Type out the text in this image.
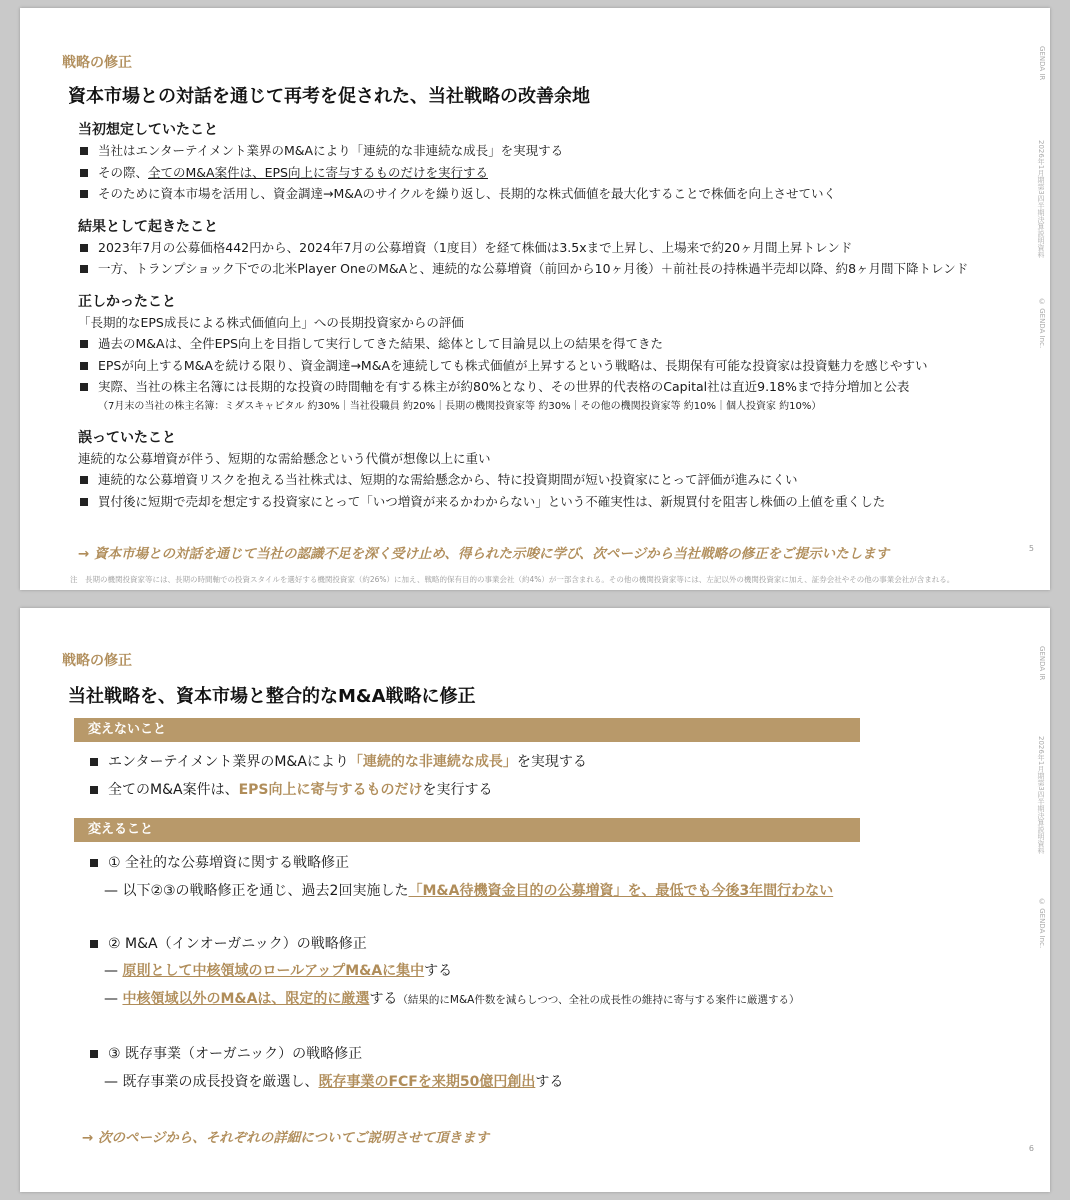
戦略の修正
資本市場との対話を通じて再考を促された、当社戦略の改善余地
GENDA IR
2026年1月期第3四半期決算説明資料
© GENDA Inc.

当初想定していたこと

当社はエンターテイメント業界のM&Aにより「連続的な非連続な成長」を実現する
その際、全てのM&A案件は、EPS向上に寄与するものだけを実行する
そのために資本市場を活用し、資金調達→M&Aのサイクルを繰り返し、長期的な株式価値を最大化することで株価を向上させていく

結果として起きたこと

2023年7月の公募価格442円から、2024年7月の公募増資（1度目）を経て株価は3.5xまで上昇し、上場来で約20ヶ月間上昇トレンド
一方、トランプショック下での北米Player OneのM&Aと、連続的な公募増資（前回から10ヶ月後）＋前社長の持株過半売却以降、約8ヶ月間下降トレンド

正しかったこと

「長期的なEPS成長による株式価値向上」への長期投資家からの評価
過去のM&Aは、全件EPS向上を目指して実行してきた結果、総体として目論見以上の結果を得てきた
EPSが向上するM&Aを続ける限り、資金調達→M&Aを連続しても株式価値が上昇するという戦略は、長期保有可能な投資家は投資魅力を感じやすい
実際、当社の株主名簿には長期的な投資の時間軸を有する株主が約80%となり、その世界的代表格のCapital社は直近9.18%まで持分増加と公表
（7月末の当社の株主名簿：ミダスキャピタル 約30%｜当社役職員 約20%｜長期の機関投資家等 約30%｜その他の機関投資家等 約10%｜個人投資家 約10%）

誤っていたこと

連続的な公募増資が伴う、短期的な需給懸念という代償が想像以上に重い
連続的な公募増資リスクを抱える当社株式は、短期的な需給懸念から、特に投資期間が短い投資家にとって評価が進みにくい
買付後に短期で売却を想定する投資家にとって「いつ増資が来るかわからない」という不確実性は、新規買付を阻害し株価の上値を重くした
→ 資本市場との対話を通じて当社の認識不足を深く受け止め、得られた示唆に学び、次ページから当社戦略の修正をご提示いたします	5
注　長期の機関投資家等には、長期の時間軸での投資スタイルを選好する機関投資家（約26%）に加え、戦略的保有目的の事業会社（約4%）が一部含まれる。その他の機関投資家等には、左記以外の機関投資家に加え、証券会社やその他の事業会社が含まれる。
戦略の修正
当社戦略を、資本市場と整合的なM&A戦略に修正
GENDA IR
2026年1月期第3四半期決算説明資料
© GENDA Inc.
変えないこと
エンターテイメント業界のM&Aにより「連続的な非連続な成長」を実現する
全てのM&A案件は、EPS向上に寄与するものだけを実行する
変えること
① 全社的な公募増資に関する戦略修正
— 以下②③の戦略修正を通じ、過去2回実施した「M&A待機資金目的の公募増資」を、最低でも今後3年間行わない
② M&A（インオーガニック）の戦略修正
— 原則として中核領域のロールアップM&Aに集中する
— 中核領域以外のM&Aは、限定的に厳選する（結果的にM&A件数を減らしつつ、全社の成長性の維持に寄与する案件に厳選する）
③ 既存事業（オーガニック）の戦略修正
— 既存事業の成長投資を厳選し、既存事業のFCFを来期50億円創出する
→ 次のページから、それぞれの詳細についてご説明させて頂きます
6
